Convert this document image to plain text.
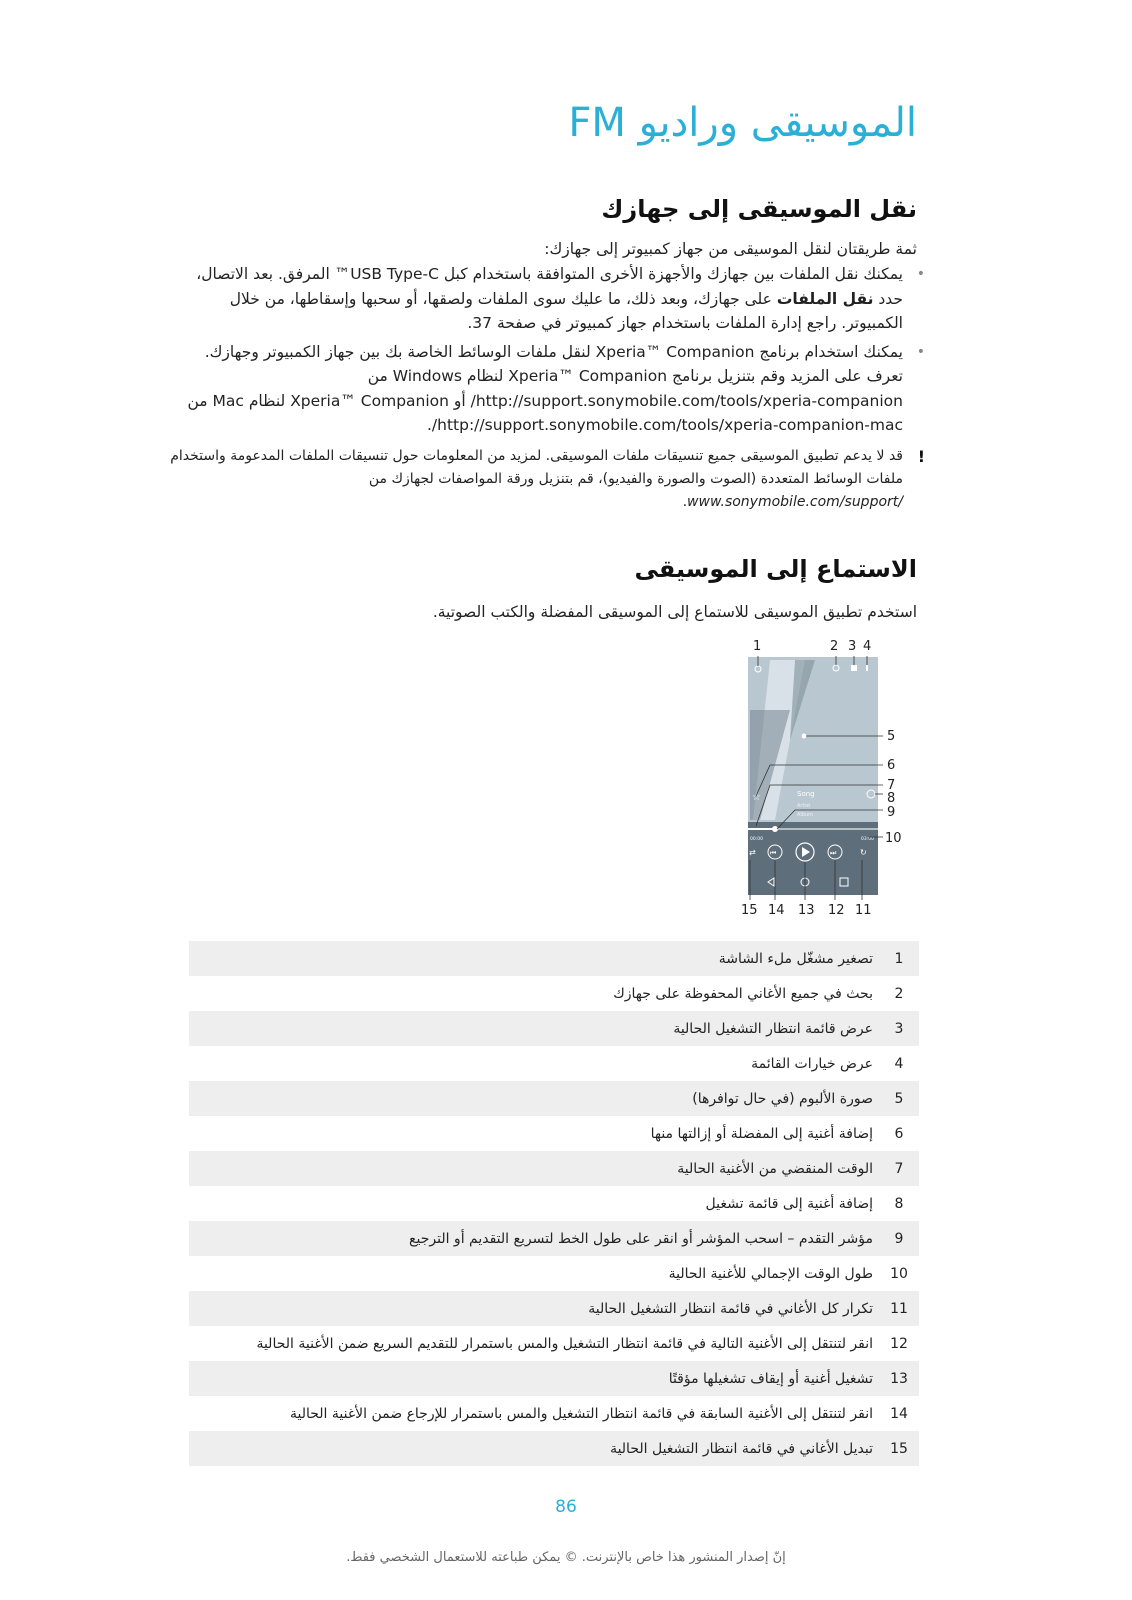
الموسيقى وراديو FM
نقل الموسيقى إلى جهازك

ثمة طريقتان لنقل الموسيقى من جهاز كمبيوتر إلى جهازك:

•
يمكنك نقل الملفات بين جهازك والأجهزة الأخرى المتوافقة باستخدام كبل USB Type-C™ المرفق. بعد الاتصال، حدد نقل الملفات على جهازك، وبعد ذلك، ما عليك سوى الملفات ولصقها، أو سحبها وإسقاطها، من خلال الكمبيوتر. راجع إدارة الملفات باستخدام جهاز كمبيوتر في صفحة 37.
•
يمكنك استخدام برنامج Xperia™ Companion لنقل ملفات الوسائط الخاصة بك بين جهاز الكمبيوتر وجهازك. تعرف على المزيد وقم بتنزيل برنامج Xperia™ Companion لنظام Windows من http://support.sonymobile.com/tools/xperia-companion/ أو Xperia™ Companion لنظام Mac من http://support.sonymobile.com/tools/xperia-companion-mac/.
!
قد لا يدعم تطبيق الموسيقى جميع تنسيقات ملفات الموسيقى. لمزيد من المعلومات حول تنسيقات الملفات المدعومة واستخدام ملفات الوسائط المتعددة (الصوت والصورة والفيديو)، قم بتنزيل ورقة المواصفات لجهازك من www.sonymobile.com/support/.
الاستماع إلى الموسيقى

استخدم تطبيق الموسيقى للاستماع إلى الموسيقى المفضلة والكتب الصوتية.

☆	Song
Artist
Album
00:00	03:00
⏮	⏭
⇄	↻
1	2 3 4
5
6
7
8
9
10
11
12
13
14
15
1	تصغير مشغّل ملء الشاشة
2	بحث في جميع الأغاني المحفوظة على جهازك
3	عرض قائمة انتظار التشغيل الحالية
4	عرض خيارات القائمة
5	صورة الألبوم (في حال توافرها)
6	إضافة أغنية إلى المفضلة أو إزالتها منها
7	الوقت المنقضي من الأغنية الحالية
8	إضافة أغنية إلى قائمة تشغيل
9	مؤشر التقدم – اسحب المؤشر أو انقر على طول الخط لتسريع التقديم أو الترجيع
10	طول الوقت الإجمالي للأغنية الحالية
11	تكرار كل الأغاني في قائمة انتظار التشغيل الحالية
12	انقر لتنتقل إلى الأغنية التالية في قائمة انتظار التشغيل والمس باستمرار للتقديم السريع ضمن الأغنية الحالية
13	تشغيل أغنية أو إيقاف تشغيلها مؤقتًا
14	انقر لتنتقل إلى الأغنية السابقة في قائمة انتظار التشغيل والمس باستمرار للإرجاع ضمن الأغنية الحالية
15	تبديل الأغاني في قائمة انتظار التشغيل الحالية
86
إنّ إصدار المنشور هذا خاص بالإنترنت. © يمكن طباعته للاستعمال الشخصي فقط.
